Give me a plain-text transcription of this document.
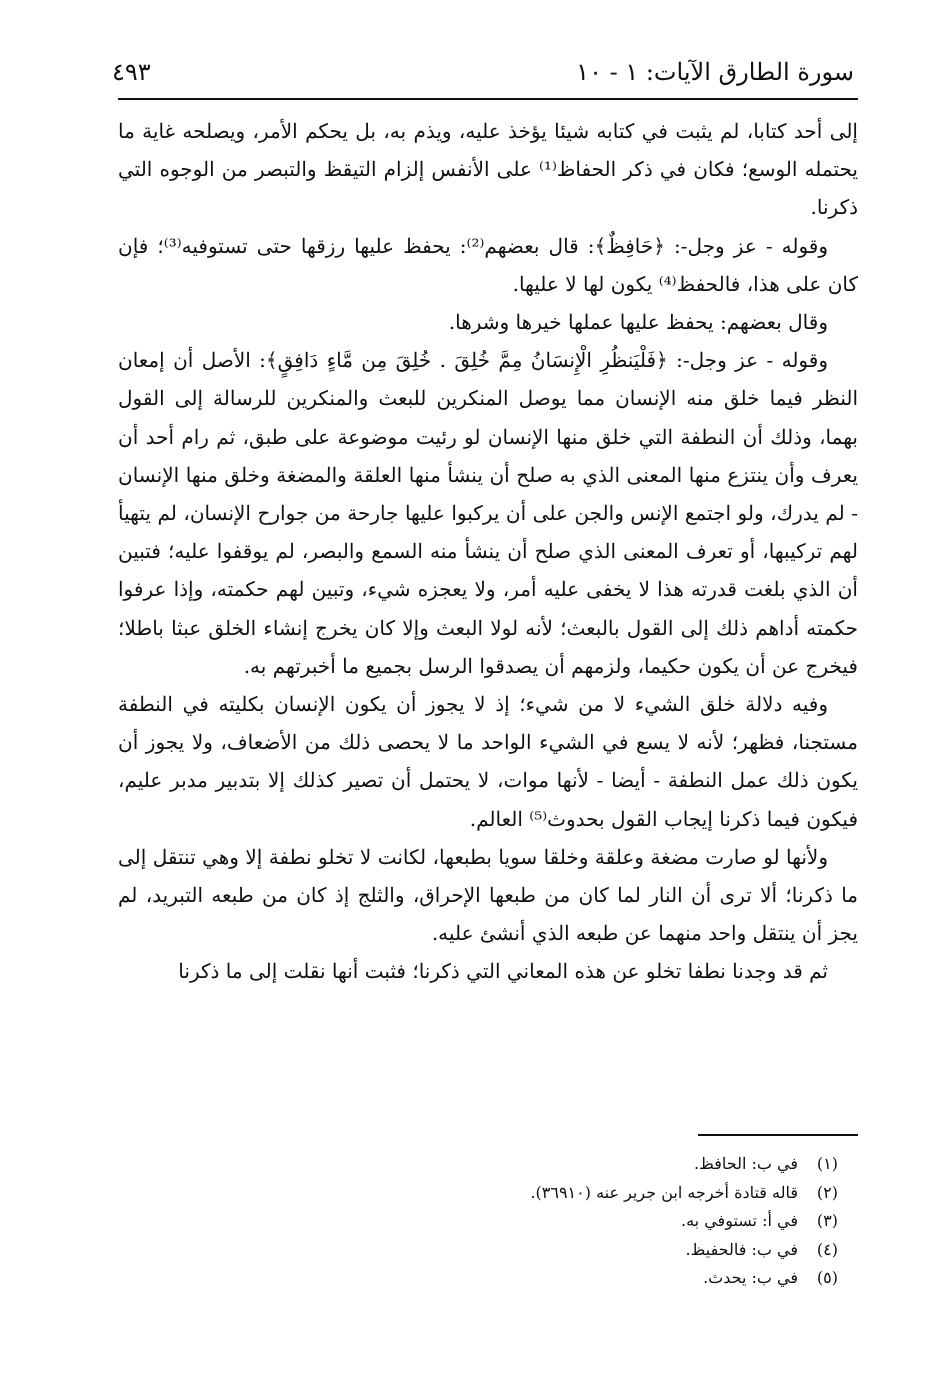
سورة الطارق الآيات: ١ - ١٠
٤٩٣

إلى أحد كتابا، لم يثبت في كتابه شيئا يؤخذ عليه، ويذم به، بل يحكم الأمر، ويصلحه غاية ما يحتمله الوسع؛ فكان في ذكر الحفاظ⁽¹⁾ على الأنفس إلزام التيقظ والتبصر من الوجوه التي ذكرنا.

وقوله - عز وجل-: ﴿حَافِظٌ﴾: قال بعضهم⁽²⁾: يحفظ عليها رزقها حتى تستوفيه⁽³⁾؛ فإن كان على هذا، فالحفظ⁽⁴⁾ يكون لها لا عليها.

وقال بعضهم: يحفظ عليها عملها خيرها وشرها.

وقوله - عز وجل-: ﴿فَلْيَنظُرِ الْإِنسَانُ مِمَّ خُلِقَ . خُلِقَ مِن مَّاءٍ دَافِقٍ﴾: الأصل أن إمعان النظر فيما خلق منه الإنسان مما يوصل المنكرين للبعث والمنكرين للرسالة إلى القول بهما، وذلك أن النطفة التي خلق منها الإنسان لو رئيت موضوعة على طبق، ثم رام أحد أن يعرف وأن ينتزع منها المعنى الذي به صلح أن ينشأ منها العلقة والمضغة وخلق منها الإنسان - لم يدرك، ولو اجتمع الإنس والجن على أن يركبوا عليها جارحة من جوارح الإنسان، لم يتهيأ لهم تركيبها، أو تعرف المعنى الذي صلح أن ينشأ منه السمع والبصر، لم يوقفوا عليه؛ فتبين أن الذي بلغت قدرته هذا لا يخفى عليه أمر، ولا يعجزه شيء، وتبين لهم حكمته، وإذا عرفوا حكمته أداهم ذلك إلى القول بالبعث؛ لأنه لولا البعث وإلا كان يخرج إنشاء الخلق عبثا باطلا؛ فيخرج عن أن يكون حكيما، ولزمهم أن يصدقوا الرسل بجميع ما أخبرتهم به.

وفيه دلالة خلق الشيء لا من شيء؛ إذ لا يجوز أن يكون الإنسان بكليته في النطفة مستجنا، فظهر؛ لأنه لا يسع في الشيء الواحد ما لا يحصى ذلك من الأضعاف، ولا يجوز أن يكون ذلك عمل النطفة - أيضا - لأنها موات، لا يحتمل أن تصير كذلك إلا بتدبير مدبر عليم، فيكون فيما ذكرنا إيجاب القول بحدوث⁽⁵⁾ العالم.

ولأنها لو صارت مضغة وعلقة وخلقا سويا بطبعها، لكانت لا تخلو نطفة إلا وهي تنتقل إلى ما ذكرنا؛ ألا ترى أن النار لما كان من طبعها الإحراق، والثلج إذ كان من طبعه التبريد، لم يجز أن ينتقل واحد منهما عن طبعه الذي أنشئ عليه.

ثم قد وجدنا نطفا تخلو عن هذه المعاني التي ذكرنا؛ فثبت أنها نقلت إلى ما ذكرنا

(١)
في ب: الحافظ.
(٢)
قاله قتادة أخرجه ابن جرير عنه (٣٦٩١٠).
(٣)
في أ: تستوفي به.
(٤)
في ب: فالحفيظ.
(٥)
في ب: يحدث.
